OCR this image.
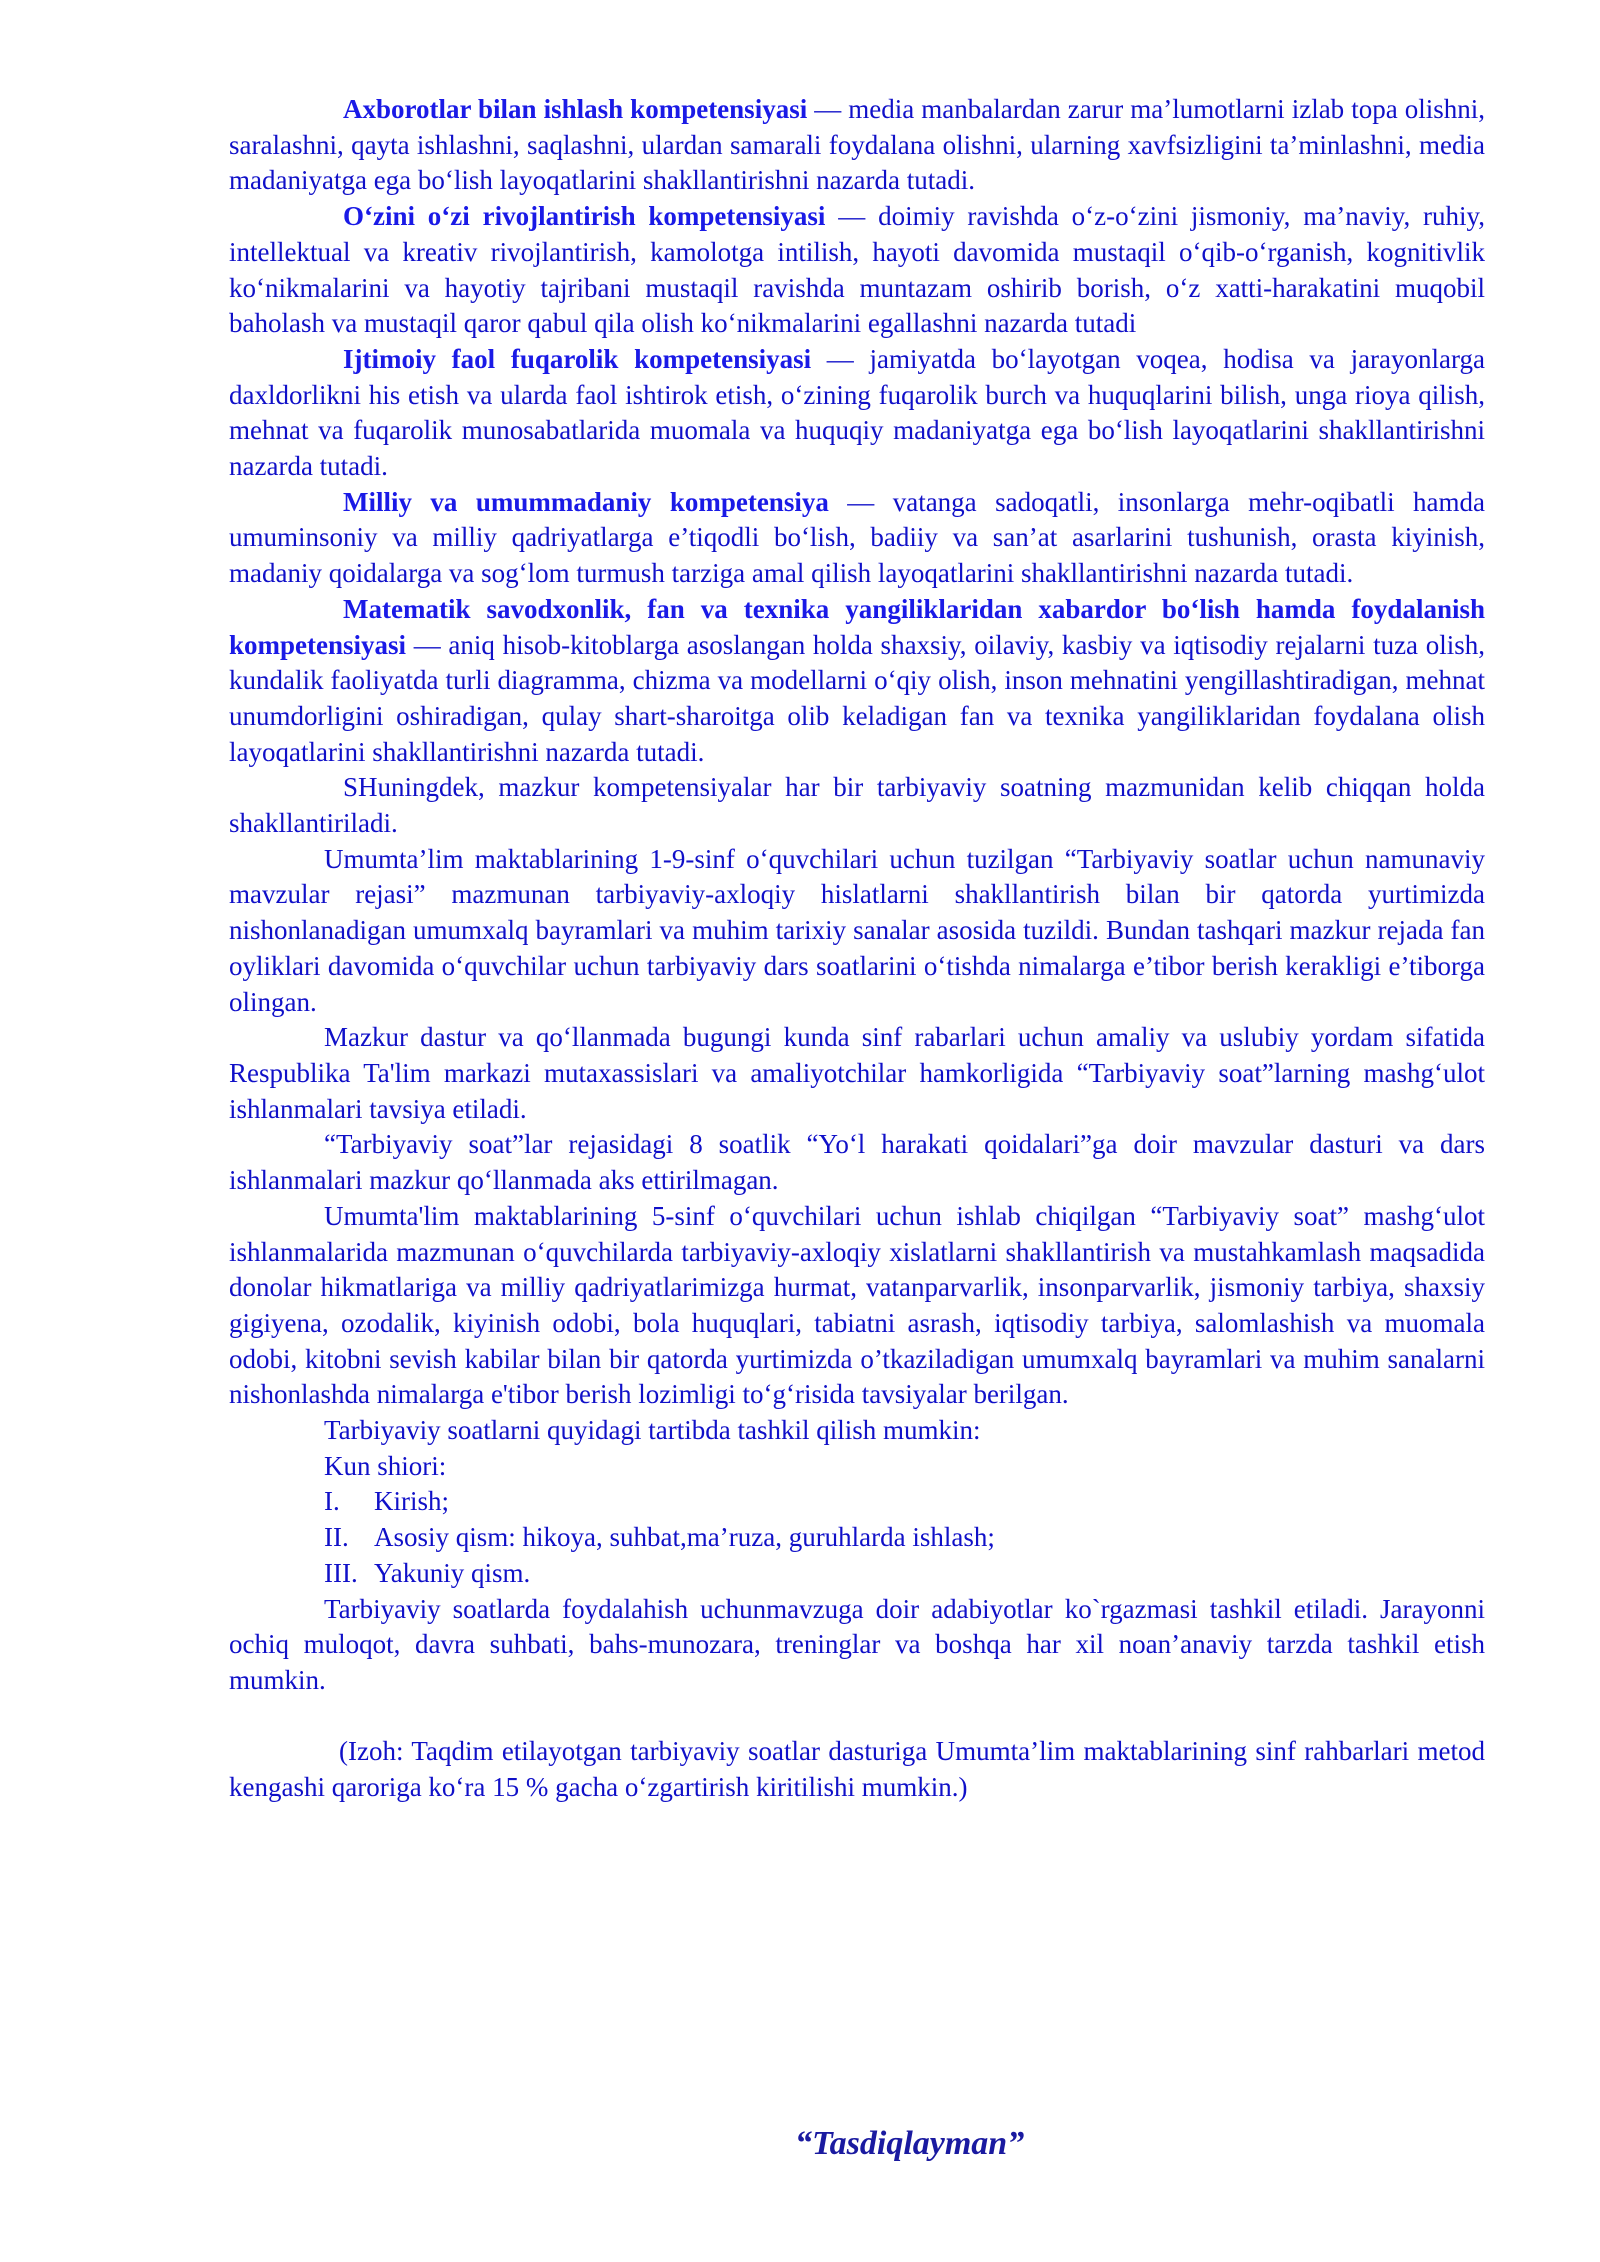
Axborotlar bilan ishlash kompetensiyasi — media manbalardan zarur ma’lumotlarni izlab topa olishni, saralashni, qayta ishlashni, saqlashni, ulardan samarali foydalana olishni, ularning xavfsizligini ta’minlashni, media madaniyatga ega bo‘lish layoqatlarini shakllantirishni nazarda tutadi.

O‘zini o‘zi rivojlantirish kompetensiyasi — doimiy ravishda o‘z-o‘zini jismoniy, ma’naviy, ruhiy, intellektual va kreativ rivojlantirish, kamolotga intilish, hayoti davomida mustaqil o‘qib-o‘rganish, kognitivlik ko‘nikmalarini va hayotiy tajribani mustaqil ravishda muntazam oshirib borish, o‘z xatti-harakatini muqobil baholash va mustaqil qaror qabul qila olish ko‘nikmalarini egallashni nazarda tutadi

Ijtimoiy faol fuqarolik kompetensiyasi — jamiyatda bo‘layotgan voqea, hodisa va jarayonlarga daxldorlikni his etish va ularda faol ishtirok etish, o‘zining fuqarolik burch va huquqlarini bilish, unga rioya qilish, mehnat va fuqarolik munosabatlarida muomala va huquqiy madaniyatga ega bo‘lish layoqatlarini shakllantirishni nazarda tutadi.

Milliy va umummadaniy kompetensiya — vatanga sadoqatli, insonlarga mehr-oqibatli hamda umuminsoniy va milliy qadriyatlarga e’tiqodli bo‘lish, badiiy va san’at asarlarini tushunish, orasta kiyinish, madaniy qoidalarga va sog‘lom turmush tarziga amal qilish layoqatlarini shakllantirishni nazarda tutadi.

Matematik savodxonlik, fan va texnika yangiliklaridan xabardor bo‘lish hamda foydalanish kompetensiyasi — aniq hisob-kitoblarga asoslangan holda shaxsiy, oilaviy, kasbiy va iqtisodiy rejalarni tuza olish, kundalik faoliyatda turli diagramma, chizma va modellarni o‘qiy olish, inson mehnatini yengillashtiradigan, mehnat unumdorligini oshiradigan, qulay shart-sharoitga olib keladigan fan va texnika yangiliklaridan foydalana olish layoqatlarini shakllantirishni nazarda tutadi.

SHuningdek, mazkur kompetensiyalar har bir tarbiyaviy soatning mazmunidan kelib chiqqan holda shakllantiriladi.

Umumta’lim maktablarining 1-9-sinf o‘quvchilari uchun tuzilgan “Tarbiyaviy soatlar uchun namunaviy mavzular rejasi” mazmunan tarbiyaviy-axloqiy hislatlarni shakllantirish bilan bir qatorda yurtimizda nishonlanadigan umumxalq bayramlari va muhim tarixiy sanalar asosida tuzildi. Bundan tashqari mazkur rejada fan oyliklari davomida o‘quvchilar uchun tarbiyaviy dars soatlarini o‘tishda nimalarga e’tibor berish kerakligi e’tiborga olingan.

Mazkur dastur va qo‘llanmada bugungi kunda sinf rabarlari uchun amaliy va uslubiy yordam sifatida Respublika Ta'lim markazi mutaxassislari va amaliyotchilar hamkorligida “Tarbiyaviy soat”larning mashg‘ulot ishlanmalari tavsiya etiladi.

“Tarbiyaviy soat”lar rejasidagi 8 soatlik “Yo‘l harakati qoidalari”ga doir mavzular dasturi va dars ishlanmalari mazkur qo‘llanmada aks ettirilmagan.

Umumta'lim maktablarining 5-sinf o‘quvchilari uchun ishlab chiqilgan “Tarbiyaviy soat” mashg‘ulot ishlanmalarida mazmunan o‘quvchilarda tarbiyaviy-axloqiy xislatlarni shakllantirish va mustahkamlash maqsadida donolar hikmatlariga va milliy qadriyatlarimizga hurmat, vatanparvarlik, insonparvarlik, jismoniy tarbiya, shaxsiy gigiyena, ozodalik, kiyinish odobi, bola huquqlari, tabiatni asrash, iqtisodiy tarbiya, salomlashish va muomala odobi, kitobni sevish kabilar bilan bir qatorda yurtimizda o’tkaziladigan umumxalq bayramlari va muhim sanalarni nishonlashda nimalarga e'tibor berish lozimligi to‘g‘risida tavsiyalar berilgan.

Tarbiyaviy soatlarni quyidagi tartibda tashkil qilish mumkin:

Kun shiori:

I.	Kirish;

II. Asosiy qism: hikoya, suhbat,ma’ruza, guruhlarda ishlash;

III. Yakuniy qism.

Tarbiyaviy soatlarda foydalahish uchunmavzuga doir adabiyotlar ko`rgazmasi tashkil etiladi. Jarayonni ochiq muloqot, davra suhbati, bahs-munozara, treninglar va boshqa har xil noan’anaviy tarzda tashkil etish mumkin.

(Izoh: Taqdim etilayotgan tarbiyaviy soatlar dasturiga Umumta’lim maktablarining sinf rahbarlari metod kengashi qaroriga ko‘ra 15 % gacha o‘zgartirish kiritilishi mumkin.)

“Tasdiqlayman”
